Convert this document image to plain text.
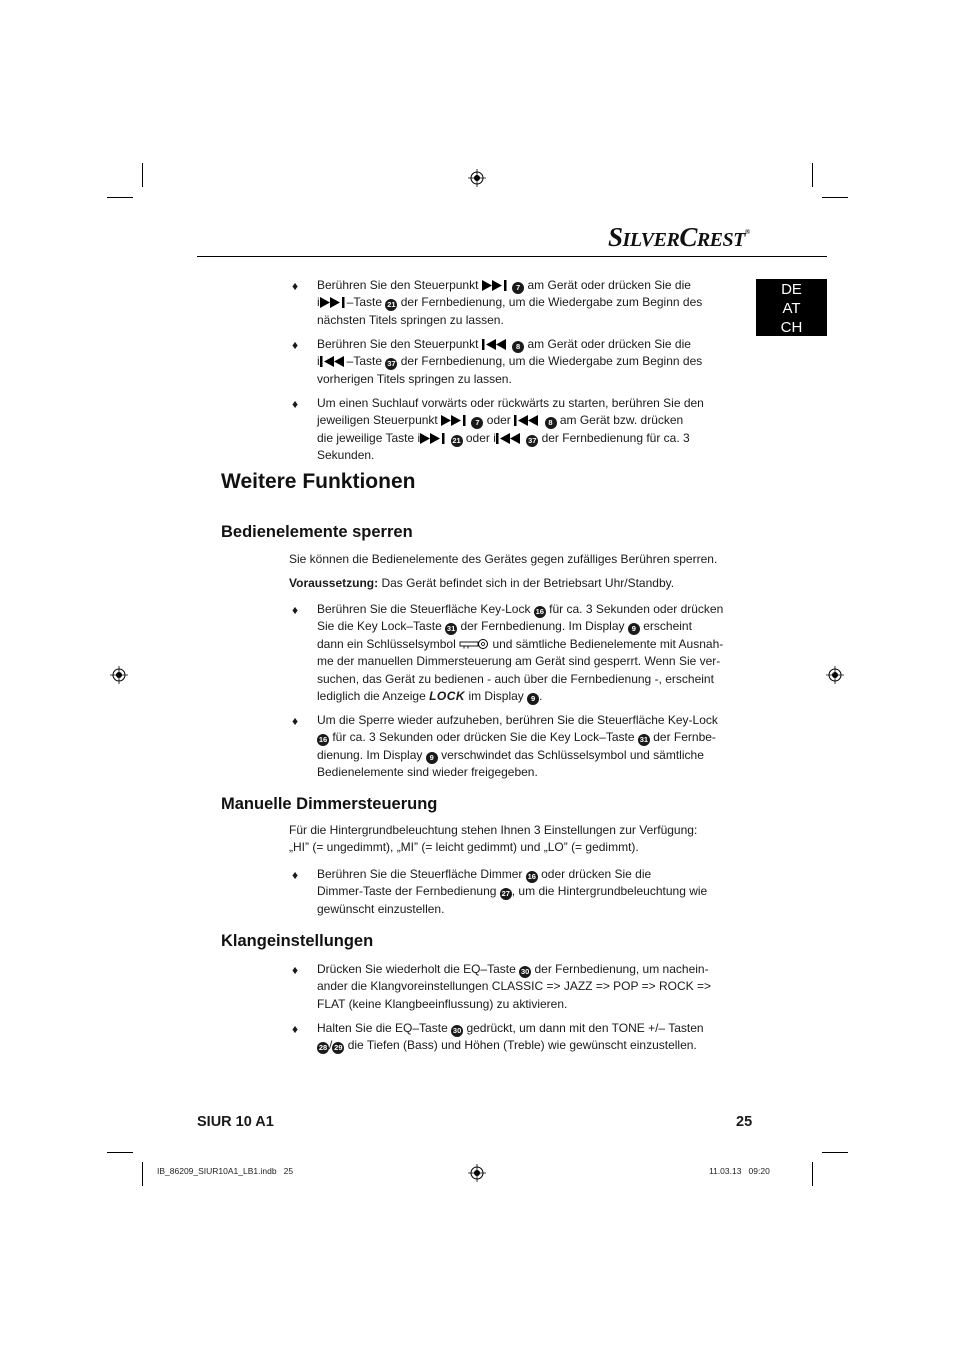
SILVERCREST®
DE
AT
CH
♦ Berühren Sie den Steuerpunkt	7 am Gerät oder drücken Sie die
i –Taste 21 der Fernbedienung, um die Wiedergabe zum Beginn des
nächsten Titels springen zu lassen.
♦ Berühren Sie den Steuerpunkt	8 am Gerät oder drücken Sie die
i –Taste 37 der Fernbedienung, um die Wiedergabe zum Beginn des
vorherigen Titels springen zu lassen.
♦ Um einen Suchlauf vorwärts oder rückwärts zu starten, berühren Sie den
jeweiligen Steuerpunkt	7 oder	8 am Gerät bzw. drücken
die jeweilige Taste i	21 oder i	37 der Fernbedienung für ca. 3
Sekunden.
Weitere Funktionen
Bedienelemente sperren
Sie können die Bedienelemente des Gerätes gegen zufälliges Berühren sperren.
Voraussetzung: Das Gerät befindet sich in der Betriebsart Uhr/Standby.
♦ Berühren Sie die Steuerfläche Key-Lock 16 für ca. 3 Sekunden oder drücken
Sie die Key Lock–Taste 31 der Fernbedienung. Im Display 9 erscheint
dann ein Schlüsselsymbol	und sämtliche Bedienelemente mit Ausnah-
me der manuellen Dimmersteuerung am Gerät sind gesperrt. Wenn Sie ver-
suchen, das Gerät zu bedienen - auch über die Fernbedienung -, erscheint
lediglich die Anzeige LOCK im Display 9 .
♦ Um die Sperre wieder aufzuheben, berühren Sie die Steuerfläche Key-Lock
16 für ca. 3 Sekunden oder drücken Sie die Key Lock–Taste 31 der Fernbe-
dienung. Im Display 9 verschwindet das Schlüsselsymbol und sämtliche
Bedienelemente sind wieder freigegeben.
Manuelle Dimmersteuerung
Für die Hintergrundbeleuchtung stehen Ihnen 3 Einstellungen zur Verfügung:
„HI” (= ungedimmt), „MI” (= leicht gedimmt) und „LO” (= gedimmt).
♦ Berühren Sie die Steuerfläche Dimmer 16 oder drücken Sie die
Dimmer-Taste der Fernbedienung 27 , um die Hintergrundbeleuchtung wie
gewünscht einzustellen.
Klangeinstellungen
♦ Drücken Sie wiederholt die EQ–Taste 30 der Fernbedienung, um nachein-
ander die Klangvoreinstellungen CLASSIC => JAZZ => POP => ROCK =>
FLAT (keine Klangbeeinflussung) zu aktivieren.
♦ Halten Sie die EQ–Taste 30 gedrückt, um dann mit den TONE +/– Tasten
28 / 29 die Tiefen (Bass) und Höhen (Treble) wie gewünscht einzustellen.
SIUR 10 A1	25
IB_86209_SIUR10A1_LB1.indb   25	11.03.13   09:20
